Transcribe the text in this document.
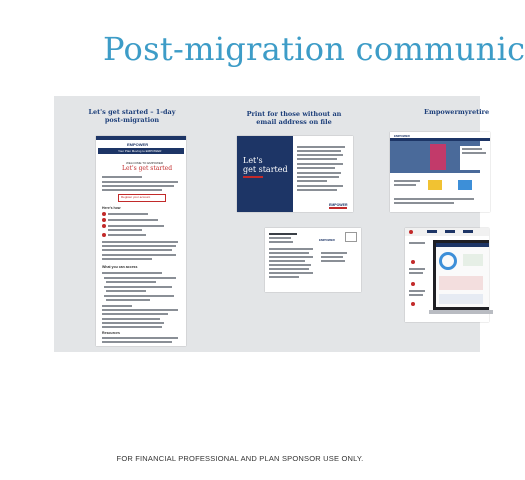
Post-migration communic
Let's get started – 1-day
post-migration
Print for those without an
email address on file
Empowermyretire
EMPOWER
Your Plan Moving to EMPOWER
WELCOME TO EMPOWER
Let's get started
Register your account
Here's how
What you can access
Resources
Let's
get started
EMPOWER
EMPOWER
EMPOWER
FOR FINANCIAL PROFESSIONAL AND PLAN SPONSOR USE ONLY.
